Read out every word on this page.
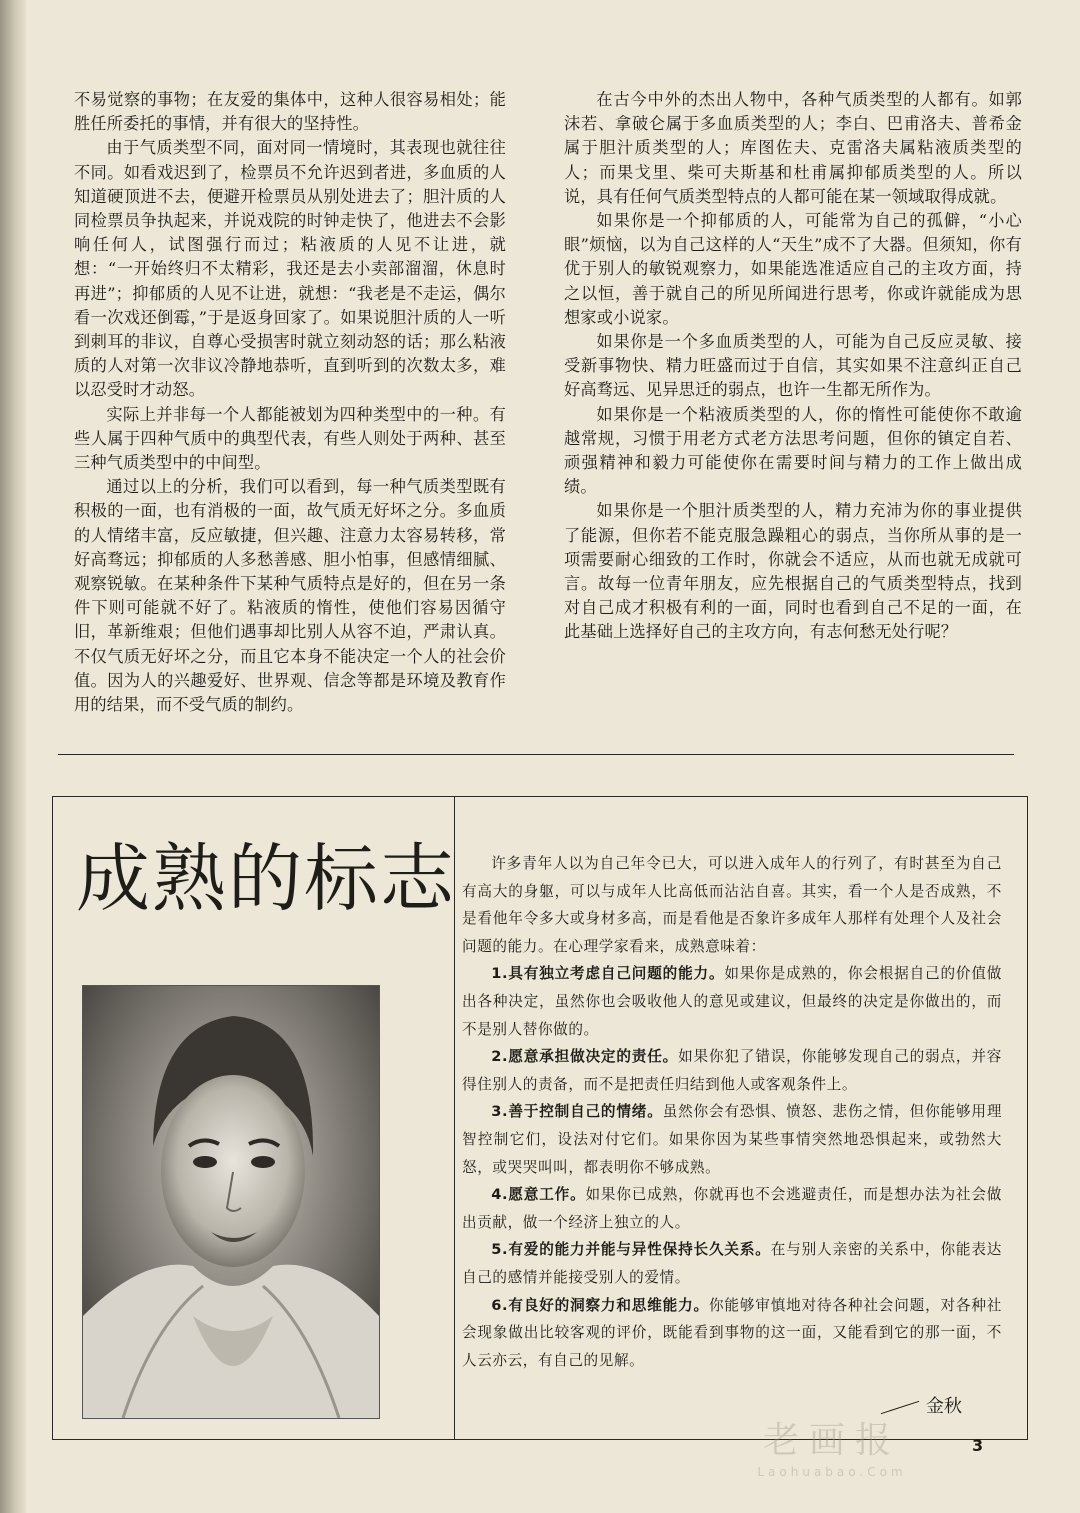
不易觉察的事物；在友爱的集体中，这种人很容易相处；能胜任所委托的事情，并有很大的坚持性。

由于气质类型不同，面对同一情境时，其表现也就往往不同。如看戏迟到了，检票员不允许迟到者进，多血质的人知道硬顶进不去，便避开检票员从别处进去了；胆汁质的人同检票员争执起来，并说戏院的时钟走快了，他进去不会影响任何人，试图强行而过；粘液质的人见不让进，就想：“一开始终归不太精彩，我还是去小卖部溜溜，休息时再进”；抑郁质的人见不让进，就想：“我老是不走运，偶尔看一次戏还倒霉，”于是返身回家了。如果说胆汁质的人一听到刺耳的非议，自尊心受损害时就立刻动怒的话；那么粘液质的人对第一次非议冷静地恭听，直到听到的次数太多，难以忍受时才动怒。

实际上并非每一个人都能被划为四种类型中的一种。有些人属于四种气质中的典型代表，有些人则处于两种、甚至三种气质类型中的中间型。

通过以上的分析，我们可以看到，每一种气质类型既有积极的一面，也有消极的一面，故气质无好坏之分。多血质的人情绪丰富，反应敏捷，但兴趣、注意力太容易转移，常好高骛远；抑郁质的人多愁善感、胆小怕事，但感情细腻、观察锐敏。在某种条件下某种气质特点是好的，但在另一条件下则可能就不好了。粘液质的惰性，使他们容易因循守旧，革新维艰；但他们遇事却比别人从容不迫，严肃认真。不仅气质无好坏之分，而且它本身不能决定一个人的社会价值。因为人的兴趣爱好、世界观、信念等都是环境及教育作用的结果，而不受气质的制约。

在古今中外的杰出人物中，各种气质类型的人都有。如郭沫若、拿破仑属于多血质类型的人；李白、巴甫洛夫、普希金属于胆汁质类型的人；库图佐夫、克雷洛夫属粘液质类型的人；而果戈里、柴可夫斯基和杜甫属抑郁质类型的人。所以说，具有任何气质类型特点的人都可能在某一领域取得成就。

如果你是一个抑郁质的人，可能常为自己的孤僻，“小心眼”烦恼，以为自己这样的人“天生”成不了大器。但须知，你有优于别人的敏锐观察力，如果能选准适应自己的主攻方面，持之以恒，善于就自己的所见所闻进行思考，你或许就能成为思想家或小说家。

如果你是一个多血质类型的人，可能为自己反应灵敏、接受新事物快、精力旺盛而过于自信，其实如果不注意纠正自己好高骛远、见异思迁的弱点，也许一生都无所作为。

如果你是一个粘液质类型的人，你的惰性可能使你不敢逾越常规，习惯于用老方式老方法思考问题，但你的镇定自若、顽强精神和毅力可能使你在需要时间与精力的工作上做出成绩。

如果你是一个胆汁质类型的人，精力充沛为你的事业提供了能源，但你若不能克服急躁粗心的弱点，当你所从事的是一项需要耐心细致的工作时，你就会不适应，从而也就无成就可言。故每一位青年朋友，应先根据自己的气质类型特点，找到对自己成才积极有利的一面，同时也看到自己不足的一面，在此基础上选择好自己的主攻方向，有志何愁无处行呢？

成熟的标志	许多青年人以为自己年令已大，可以进入成年人的行列了，有时甚至为自己有高大的身躯，可以与成年人比高低而沾沾自喜。其实，看一个人是否成熟，不是看他年令多大或身材多高，而是看他是否象许多成年人那样有处理个人及社会问题的能力。在心理学家看来，成熟意味着：

1.具有独立考虑自己问题的能力。如果你是成熟的，你会根据自己的价值做出各种决定，虽然你也会吸收他人的意见或建议，但最终的决定是你做出的，而不是别人替你做的。

2.愿意承担做决定的责任。如果你犯了错误，你能够发现自己的弱点，并容得住别人的责备，而不是把责任归结到他人或客观条件上。

3.善于控制自己的情绪。虽然你会有恐惧、愤怒、悲伤之情，但你能够用理智控制它们，设法对付它们。如果你因为某些事情突然地恐惧起来，或勃然大怒，或哭哭叫叫，都表明你不够成熟。

4.愿意工作。如果你已成熟，你就再也不会逃避责任，而是想办法为社会做出贡献，做一个经济上独立的人。

5.有爱的能力并能与异性保持长久关系。在与别人亲密的关系中，你能表达自己的感情并能接受别人的爱情。

6.有良好的洞察力和思维能力。你能够审慎地对待各种社会问题，对各种社会现象做出比较客观的评价，既能看到事物的这一面，又能看到它的那一面，不人云亦云，有自己的见解。

金秋
老画报
Laohuabao.Com
3
